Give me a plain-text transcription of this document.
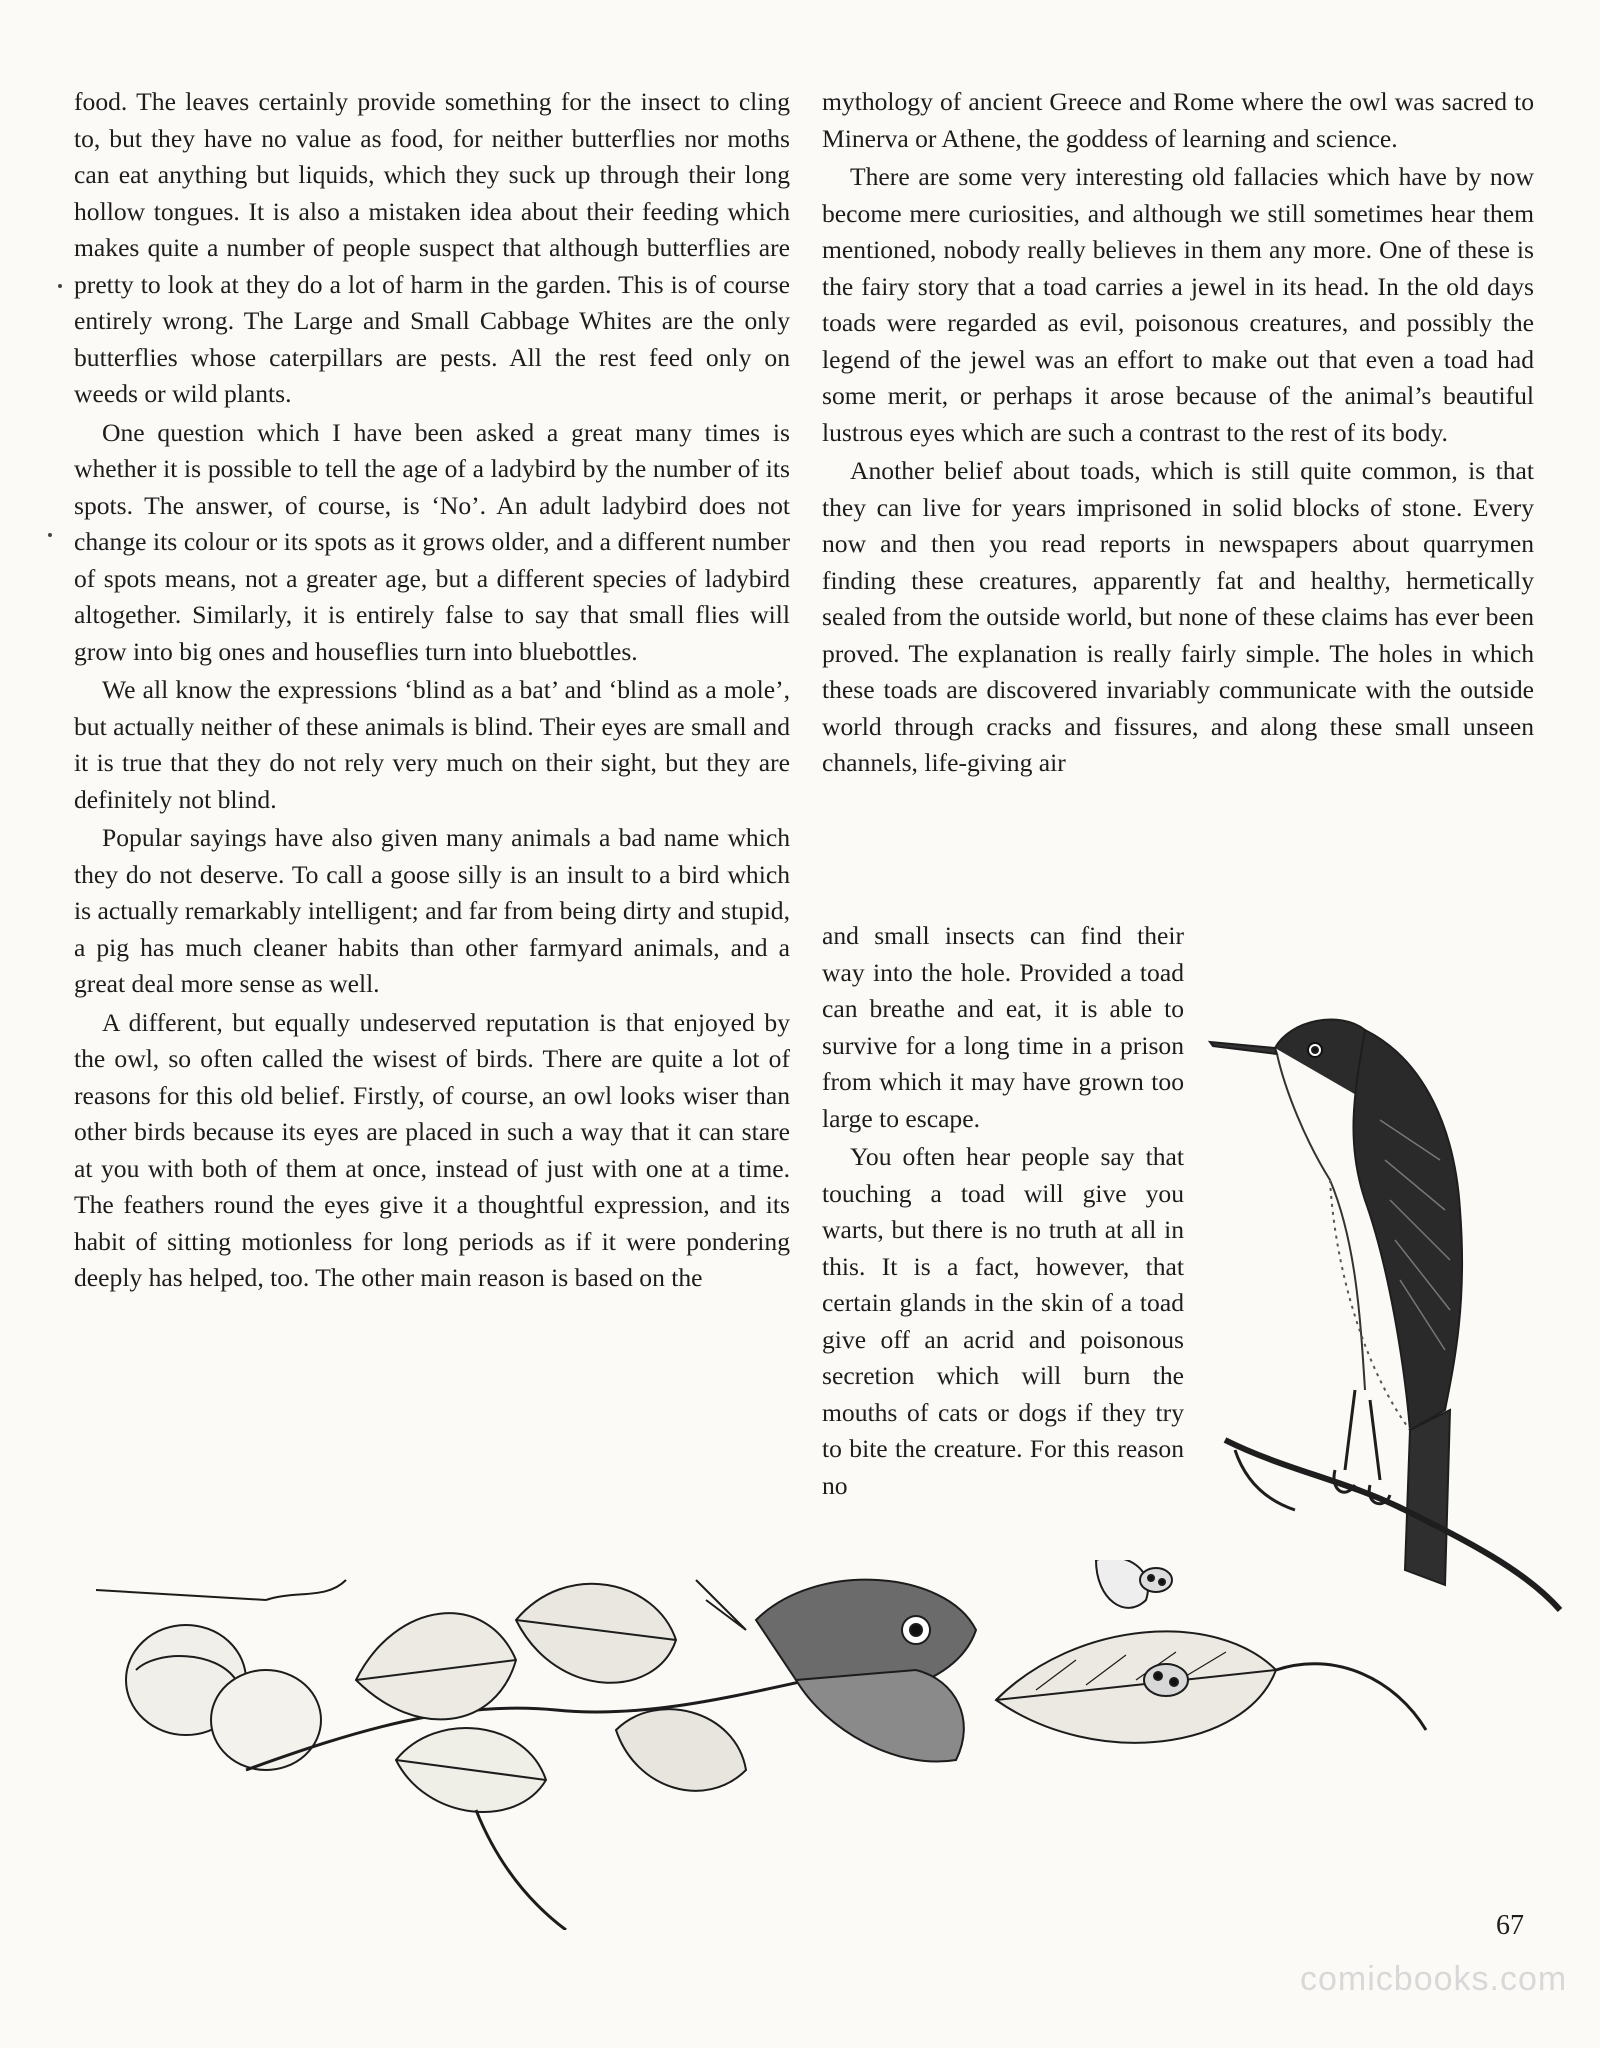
food. The leaves certainly provide something for the insect to cling to, but they have no value as food, for neither butterflies nor moths can eat anything but liquids, which they suck up through their long hollow tongues. It is also a mistaken idea about their feeding which makes quite a number of people suspect that although butterflies are pretty to look at they do a lot of harm in the garden. This is of course entirely wrong. The Large and Small Cabbage Whites are the only butterflies whose caterpillars are pests. All the rest feed only on weeds or wild plants.

One question which I have been asked a great many times is whether it is possible to tell the age of a ladybird by the number of its spots. The answer, of course, is ‘No’. An adult ladybird does not change its colour or its spots as it grows older, and a different number of spots means, not a greater age, but a different species of ladybird altogether. Similarly, it is entirely false to say that small flies will grow into big ones and houseflies turn into bluebottles.

We all know the expressions ‘blind as a bat’ and ‘blind as a mole’, but actually neither of these animals is blind. Their eyes are small and it is true that they do not rely very much on their sight, but they are definitely not blind.

Popular sayings have also given many animals a bad name which they do not deserve. To call a goose silly is an insult to a bird which is actually remarkably intelligent; and far from being dirty and stupid, a pig has much cleaner habits than other farmyard animals, and a great deal more sense as well.

A different, but equally undeserved reputation is that enjoyed by the owl, so often called the wisest of birds. There are quite a lot of reasons for this old belief. Firstly, of course, an owl looks wiser than other birds because its eyes are placed in such a way that it can stare at you with both of them at once, instead of just with one at a time. The feathers round the eyes give it a thoughtful expression, and its habit of sitting motionless for long periods as if it were pondering deeply has helped, too. The other main reason is based on the

mythology of ancient Greece and Rome where the owl was sacred to Minerva or Athene, the goddess of learning and science.

There are some very interesting old fallacies which have by now become mere curiosities, and although we still sometimes hear them mentioned, nobody really believes in them any more. One of these is the fairy story that a toad carries a jewel in its head. In the old days toads were regarded as evil, poisonous creatures, and possibly the legend of the jewel was an effort to make out that even a toad had some merit, or perhaps it arose because of the animal’s beautiful lustrous eyes which are such a contrast to the rest of its body.

Another belief about toads, which is still quite common, is that they can live for years imprisoned in solid blocks of stone. Every now and then you read reports in newspapers about quarrymen finding these creatures, apparently fat and healthy, hermetically sealed from the outside world, but none of these claims has ever been proved. The explanation is really fairly simple. The holes in which these toads are discovered invariably communicate with the outside world through cracks and fissures, and along these small unseen channels, life-giving air

and small insects can find their way into the hole. Provided a toad can breathe and eat, it is able to survive for a long time in a prison from which it may have grown too large to escape.

You often hear people say that touching a toad will give you warts, but there is no truth at all in this. It is a fact, however, that certain glands in the skin of a toad give off an acrid and poisonous secretion which will burn the mouths of cats or dogs if they try to bite the creature. For this reason no

67
comicbooks.com
